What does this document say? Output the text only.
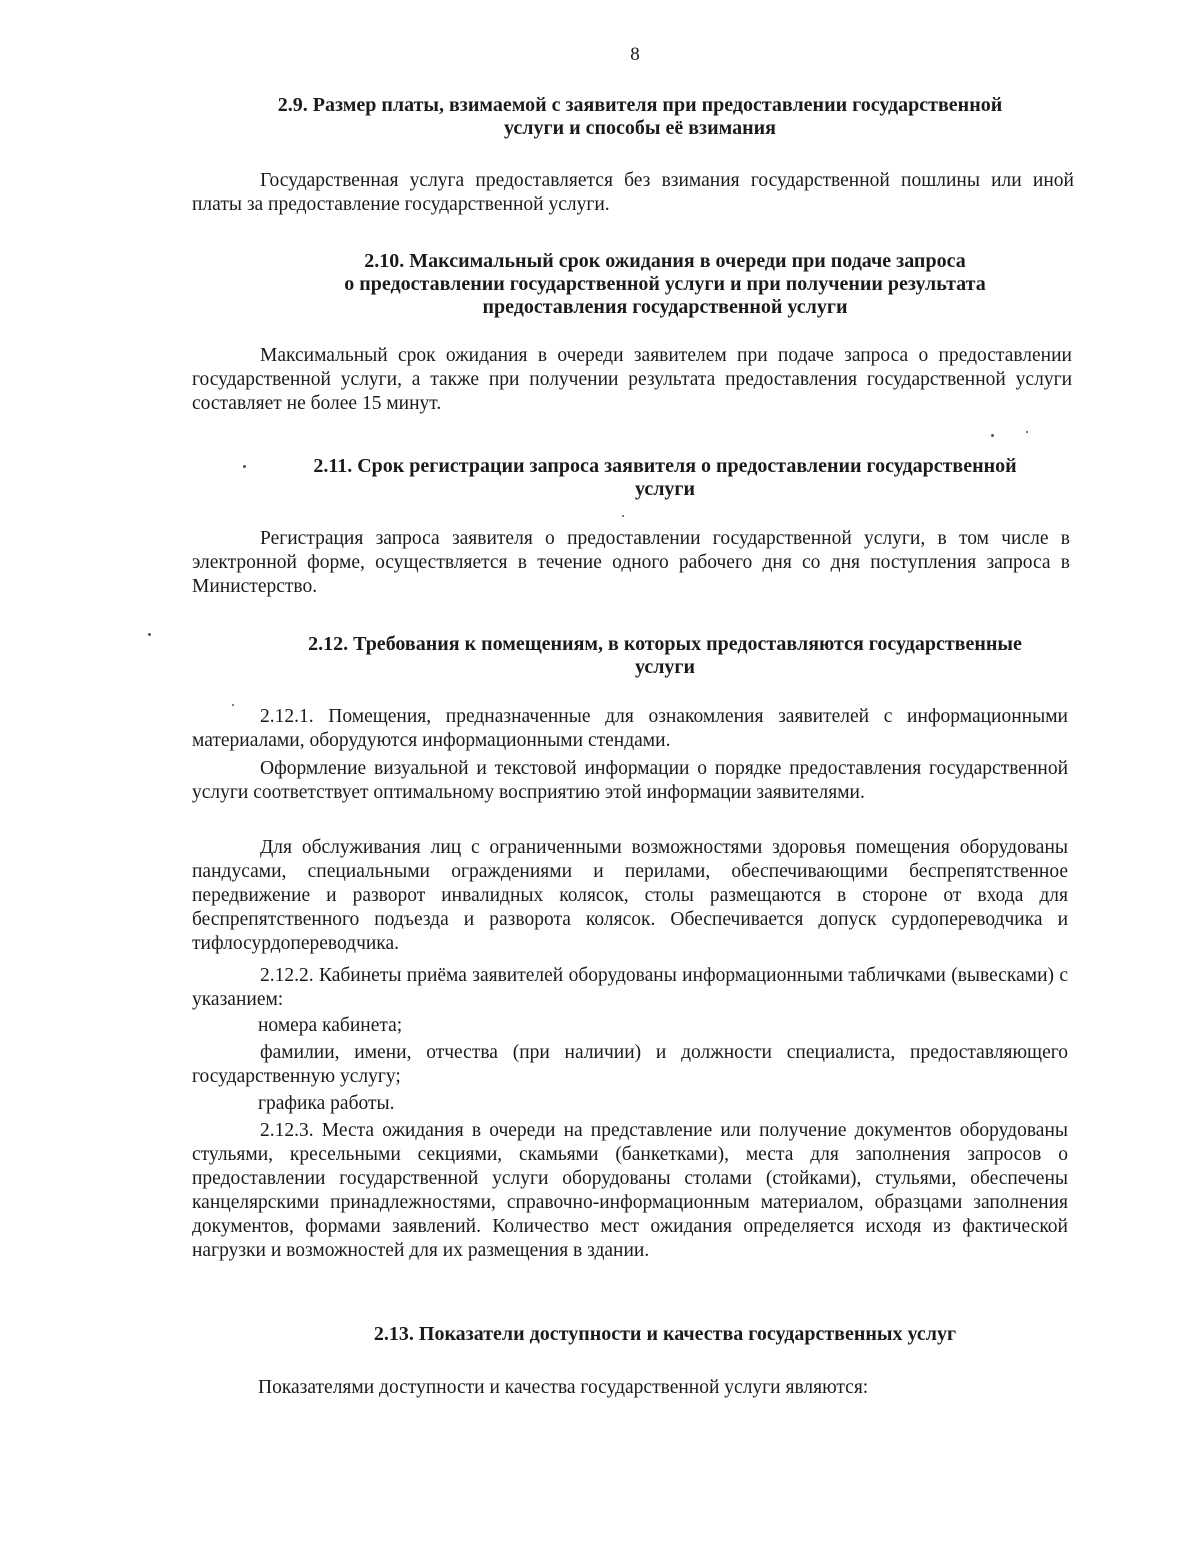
8
2.9. Размер платы, взимаемой с заявителя при предоставлении государственной
услуги и способы её взимания

Государственная услуга предоставляется без взимания государственной пошлины или иной платы за предоставление государственной услуги.

2.10. Максимальный срок ожидания в очереди при подаче запроса
о предоставлении государственной услуги и при получении результата
предоставления государственной услуги

Максимальный срок ожидания в очереди заявителем при подаче запроса о предоставлении государственной услуги, а также при получении результата предоставления государственной услуги составляет не более 15 минут.

2.11. Срок регистрации запроса заявителя о предоставлении государственной
услуги

Регистрация запроса заявителя о предоставлении государственной услуги, в том числе в электронной форме, осуществляется в течение одного рабочего дня со дня поступления запроса в Министерство.

2.12. Требования к помещениям, в которых предоставляются государственные
услуги

2.12.1. Помещения, предназначенные для ознакомления заявителей с информационными материалами, оборудуются информационными стендами.

Оформление визуальной и текстовой информации о порядке предоставления государственной услуги соответствует оптимальному восприятию этой информации заявителями.

Для обслуживания лиц с ограниченными возможностями здоровья помещения оборудованы пандусами, специальными ограждениями и перилами, обеспечивающими беспрепятственное передвижение и разворот инвалидных колясок, столы размещаются в стороне от входа для беспрепятственного подъезда и разворота колясок. Обеспечивается допуск сурдопереводчика и тифлосурдопереводчика.

2.12.2. Кабинеты приёма заявителей оборудованы информационными табличками (вывесками) с указанием:

номера кабинета;

фамилии, имени, отчества (при наличии) и должности специалиста, предоставляющего государственную услугу;

графика работы.

2.12.3. Места ожидания в очереди на представление или получение документов оборудованы стульями, кресельными секциями, скамьями (банкетками), места для заполнения запросов о предоставлении государственной услуги оборудованы столами (стойками), стульями, обеспечены канцелярскими принадлежностями, справочно-информационным материалом, образцами заполнения документов, формами заявлений. Количество мест ожидания определяется исходя из фактической нагрузки и возможностей для их размещения в здании.

2.13. Показатели доступности и качества государственных услуг

Показателями доступности и качества государственной услуги являются:
